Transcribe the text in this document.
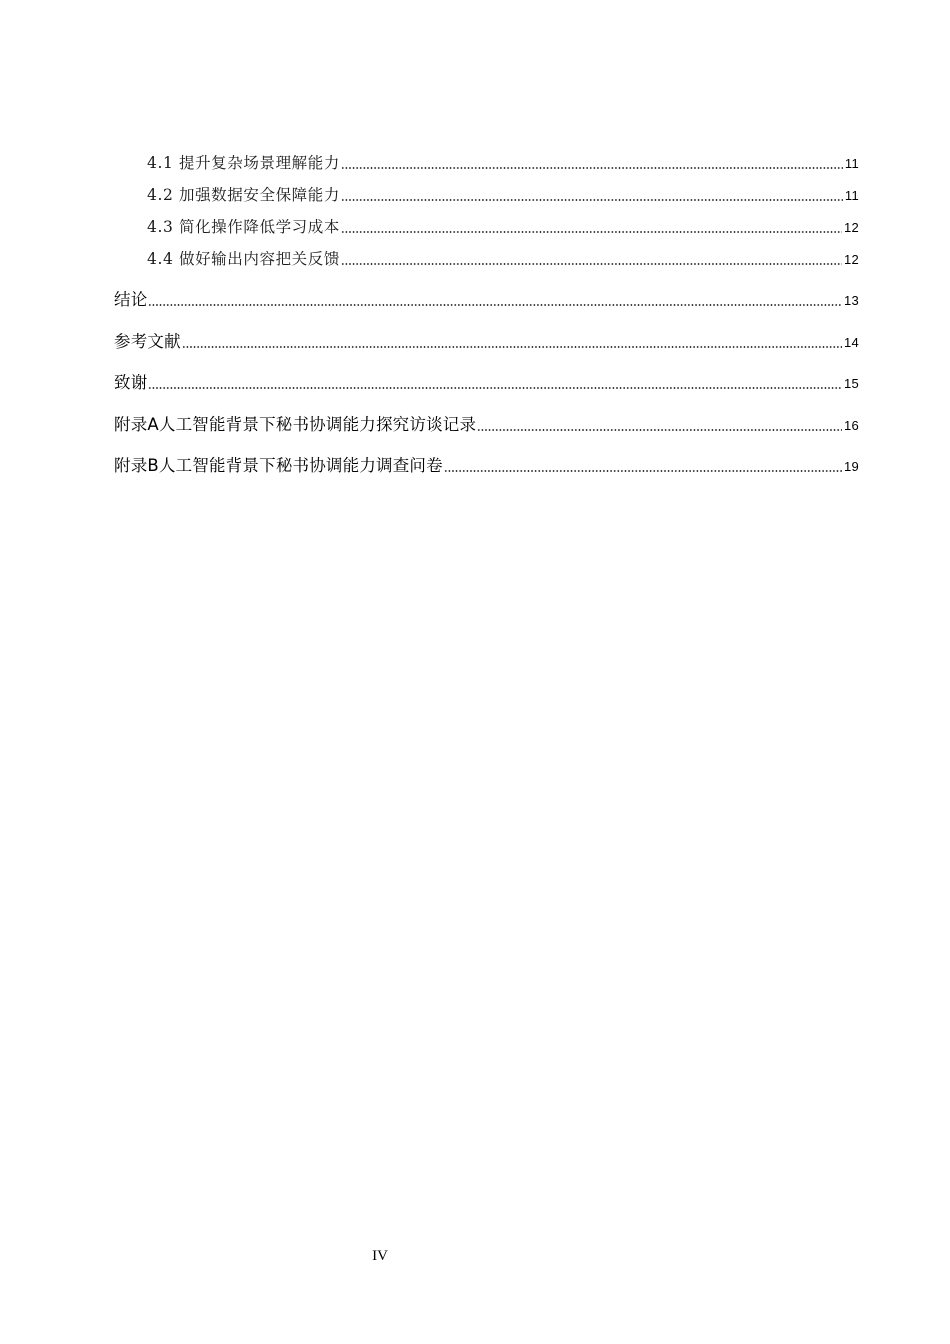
4.1 提升复杂场景理解能力	11
4.2 加强数据安全保障能力	11
4.3 简化操作降低学习成本	12
4.4 做好输出内容把关反馈	12
结论	13
参考文献	14
致谢	15
附录A人工智能背景下秘书协调能力探究访谈记录	16
附录B人工智能背景下秘书协调能力调查问卷	19
IV
